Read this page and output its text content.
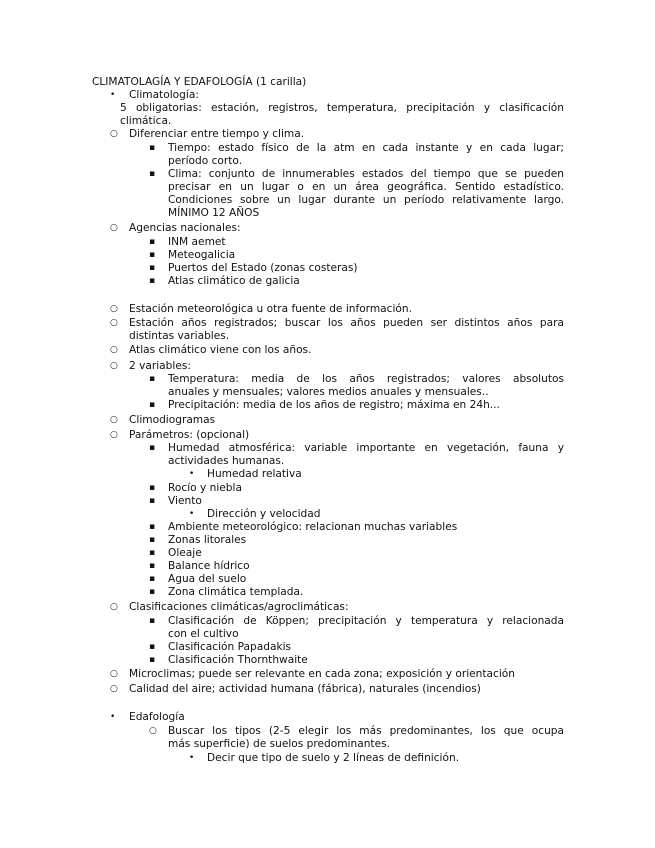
CLIMATOLAGÍA Y EDAFOLOGÍA (1 carilla)
• Climatología:
5 obligatorias: estación, registros, temperatura, precipitación y clasificación
climática.
○ Diferenciar entre tiempo y clima.
▪ Tiempo: estado físico de la atm en cada instante y en cada lugar;
período corto.
▪ Clima: conjunto de innumerables estados del tiempo que se pueden
precisar en un lugar o en un área geográfica. Sentido estadístico.
Condiciones sobre un lugar durante un período relativamente largo.
MÍNIMO 12 AÑOS
○ Agencias nacionales:
▪ INM aemet
▪ Meteogalicia
▪ Puertos del Estado (zonas costeras)
▪ Atlas climático de galicia
○ Estación meteorológica u otra fuente de información.
○ Estación años registrados; buscar los años pueden ser distintos años para
distintas variables.
○ Atlas climático viene con los años.
○ 2 variables:
▪ Temperatura: media de los años registrados; valores absolutos
anuales y mensuales; valores medios anuales y mensuales..
▪ Precipitación: media de los años de registro; máxima en 24h...
○ Climodiogramas
○ Parámetros: (opcional)
▪ Humedad atmosférica: variable importante en vegetación, fauna y
actividades humanas.
• Humedad relativa
▪ Rocío y niebla
▪ Viento
• Dirección y velocidad
▪ Ambiente meteorológico: relacionan muchas variables
▪ Zonas litorales
▪ Oleaje
▪ Balance hídrico
▪ Agua del suelo
▪ Zona climática templada.
○ Clasificaciones climáticas/agroclimáticas:
▪ Clasificación de Köppen; precipitación y temperatura y relacionada
con el cultivo
▪ Clasificación Papadakis
▪ Clasificación Thornthwaite
○ Microclimas; puede ser relevante en cada zona; exposición y orientación
○ Calidad del aire; actividad humana (fábrica), naturales (incendios)
• Edafología
○ Buscar los tipos (2-5 elegir los más predominantes, los que ocupa
más superficie) de suelos predominantes.
• Decir que tipo de suelo y 2 líneas de definición.
